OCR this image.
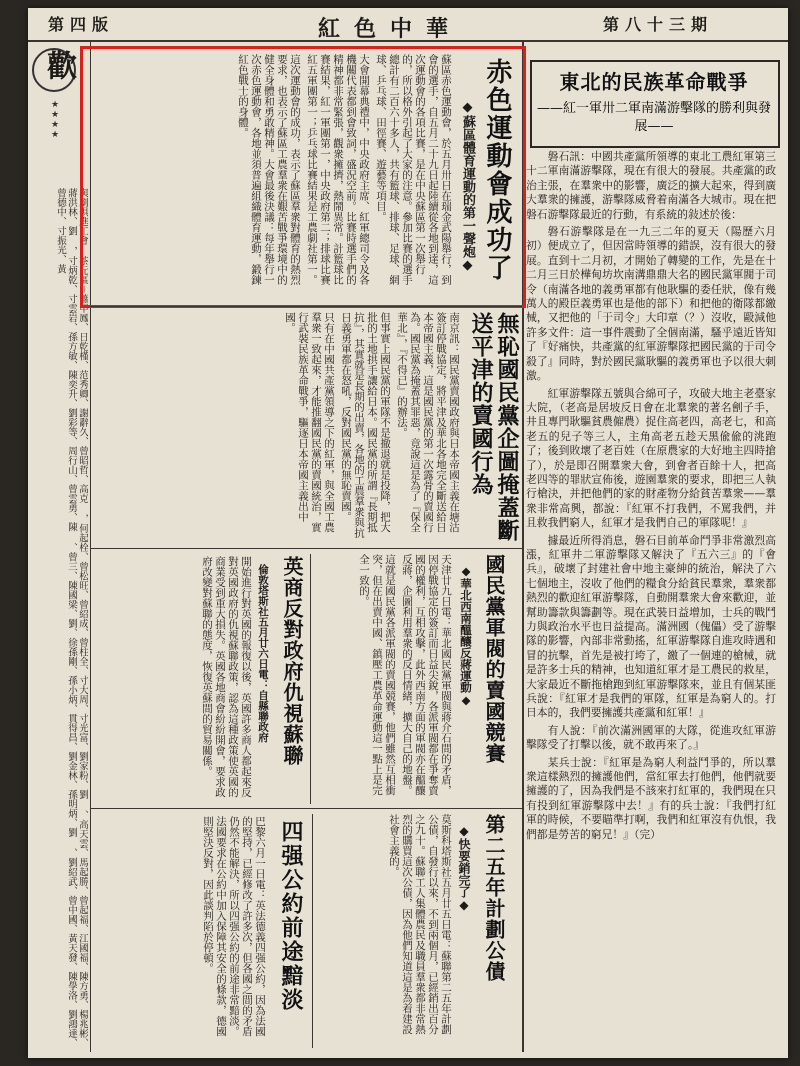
第四版	紅色中華	第八十三期
歡
★★★★
與劇俱進工會 茶元區＝蕭甲鳳、日乾槿、范秀卿、謝辭久、曾昭哲、高克 ，何起栓、曾松旺、曾紹成、曾柱全、寸大周、寸光富、劉家粉、劉 、高天雲、馬起勝、曾起福、江國福、陳方勇、楊兆彬、蔣洪林、劉 ，寸炳乾、寸雲岩、孫方敏、陳奕升、劉彩等、周行山、曾雲勇、陳 、曾三、陳國梁、劉、徐孫剛、孫小炳、貫得昌、劉金林、孫明炳、劉 、劉紹武、曾中國、黃天發、陳學洛、劉鴻達、曾德中、寸振光、黃
東北的民族革命戰爭
——紅一軍卅二軍南滿游擊隊的勝利與發展——

磐石訊：中國共產黨所領導的東北工農紅軍第三十二軍南滿游擊隊，現在有很大的發展。共產黨的政治主張，在羣衆中的影響，廣泛的擴大起來，得到廣大羣衆的擁護，游擊隊威脅着南滿各大城市。現在把磐石游擊隊最近的行動，有系統的敍述於後：

磐石游擊隊是在一九三二年的夏天（陽歷六月初）便成立了，但因當時領導的錯誤，沒有很大的發展。直到十二月初，才開始了轉變的工作，先是在十二月三日於樺甸坊坎南溝鼎鼎大名的國民黨軍閥于司令（南滿各地的義勇軍都有他耿驅的委任狀，像有幾萬人的殿臣義勇軍也是他的部下）和把他的衛隊都繳械，又把他的「于司令」大印章（？）沒收，毆減他許多文件：這一事件震動了全個南滿，騷乎遠近皆知了『好痛快，共產黨的紅軍游擊隊把國民黨的于司令殺了』同時，對於國民黨耿驅的義勇軍也予以很大刺激。

紅軍游擊隊五號與合綿可子，攻破大地主老臺家大院，（老高是居坡反日會在北羣衆的著名劊子手，井且專門耿驅貧農僱農）捉住高老四，高老七，和高老五的兒子等三人，主角高老五趁天黑偸偸的洮跑了；後到敗壞了老百姓（在原農家的大好地主四時搶了），於是即召開羣衆大會，到會者百餘十人，把高老四等的罪狀宣佈後，遊園羣衆的要求，即把三人執行槍決，并把他們的家的財產物分給貧苦羣衆——羣衆非常高興，都說：『紅軍不打我們，不罵我們，并且救我們窮人，紅軍才是我們自己的軍隊呢！』

據最近所得消息，磐石目前革命鬥爭非常激烈高漲，紅軍井二軍游擊隊又解決了『五六三』的『會兵』，破壞了封建社會中地主豪紳的統治，解決了六七個地主，沒收了他們的糧食分給貧民羣衆，羣衆都熱烈的歡迎紅軍游擊隊，自動開羣衆大會來歡迎，並幫助籌款與籌劃等。現在武裝日益增加，士兵的戰鬥力與政治水平也日益提高。滿洲國（傀儡）受了游擊隊的影響，內部非常動搖，紅軍游擊隊自進攻時遇和冒的抗擊，首先是被打垮了，繳了一個連的槍械，就是許多士兵的精神，也知道紅軍才是工農民的救星，大家最近不斷拖槍跑到紅軍游擊隊來，並且有個某匪兵說：『紅軍才是我們的軍隊，紅軍是為窮人的。打日本的，我們要擁護共產黨和紅軍！』

有人說：『前次滿洲國軍的大隊，從進攻紅軍游擊隊受了打擊以後，就不敢再來了。』

某兵士說：『紅軍是為窮人利益鬥爭的，所以羣衆這樣熱烈的擁護他們，當紅軍去打他們，他們就要擁護的了，因為我們是不該來打紅軍的，我們現在只有投到紅軍游擊隊中去！』有的兵士說：『我們打紅軍的時候，不要瞄準打啊，我們和紅軍沒有仇恨，我們都是勞苦的窮兄！』（完）

赤色運動會成功了
◆蘇區體育運動的第一聲炮◆

蘇區赤色運動會，於五月卅日在瑞金武陽舉行，到會的選手，自五月二十九日起陸續從各地到達，這次運動會的各項比賽，是在中央蘇區第一次舉行的，所以格外引起了大家的注意。參加比賽的選手總計有二百六十多人，共有籃球、排球、足球、網球、乒乓球、田徑賽、遊藝等項目。

大會開幕典禮中，中央政府主席、紅軍總司令及各機關代表都到會致詞，盛況空前。比賽時選手們的精神都非常緊張，觀衆擁擠，熱鬧異常。計籃球比賽結果，紅一軍團第一，中央政府第二；排球比賽紅五軍團第一；乒乓球比賽結果是工農劇社第一。

這次運動會的成功，表示了蘇區羣衆對體育的熱烈要求，也表示了蘇區工農羣衆在艱苦戰爭環境中的健全身體和勇敢精神。大會最後決議：每年舉行一次赤色運動會，各地並須普遍組織體育運動，鍛鍊紅色戰士的身體。

無恥國民黨企圖掩蓋斷送平津的賣國行為

南京訊：國民黨賣國政府與日本帝國主義在塘沽簽訂停戰協定，將平津及華北各地完全斷送給日本帝國主義，這是國民黨的第一次露骨的賣國行為。國民黨為掩蓋其罪惡，竟說這是為了『保全華北』，『不得已』的辦法。

但事實上國民黨的軍隊不是撤退就是投降，把大批的土地拱手讓給日本。國民黨的所謂『長期抵抗』，其實就是長期的出賣，各地的工農羣衆與抗日義勇軍都在怒吼，反對國民黨的無恥賣國。

只有在中國共產黨領導之下的紅軍，與全國工農羣衆一致起來，才能推翻國民黨的賣國統治，實行武裝民族革命戰爭，驅逐日本帝國主義出中國。

國民黨軍閥的賣國競賽
◆華北西南醞釀反蔣運動◆

天津廿九日電：華北國民黨軍閥與蔣介石間的矛盾，因停戰協定的簽訂而日益尖銳，各派軍閥都在爭奪賣國的權利，互相攻擊，此外西南方面的軍閥亦在醞釀反蔣，企圖利用羣衆的反日情緒，擴大自己的地盤。

這就是國民黨各派軍閥的賣國競賽，他們雖然互相衝突，但在出賣中國、鎮壓工農革命運動這一點上是完全一致的。

英商反對政府仇視蘇聯
倫敦塔斯社五月廿六日電：自縣聯政府

開始進行對英國的報復以後，英國許多商人都起來反對英國政府的仇視蘇聯政策，認為這種政策使英國的商業受到重大損失。英國各地商會紛紛開會，要求政府改變對蘇聯的態度，恢復英蘇間的貿易關係。

第二五年計劃公債
◆快要銷完了◆

莫斯科塔斯社五月廿五日電：蘇聯第二五年計劃公債，自發行以來，不到兩個月，已經銷出百分之九十。蘇聯工人集體農民及職員羣衆都非常熱烈的購買這次公債，因為他們知道這是為着建設社會主義的。

四强公約前途黯淡

巴黎六月一日電：英法德義四强公約，因為法國的堅持，已經修改了許多次，但各國之間的矛盾仍然不能解決，所以四强公約的前途非常黯淡。法國要求在公約中加入保障其安全的條款，德國則堅決反對，因此談判陷於停頓。
